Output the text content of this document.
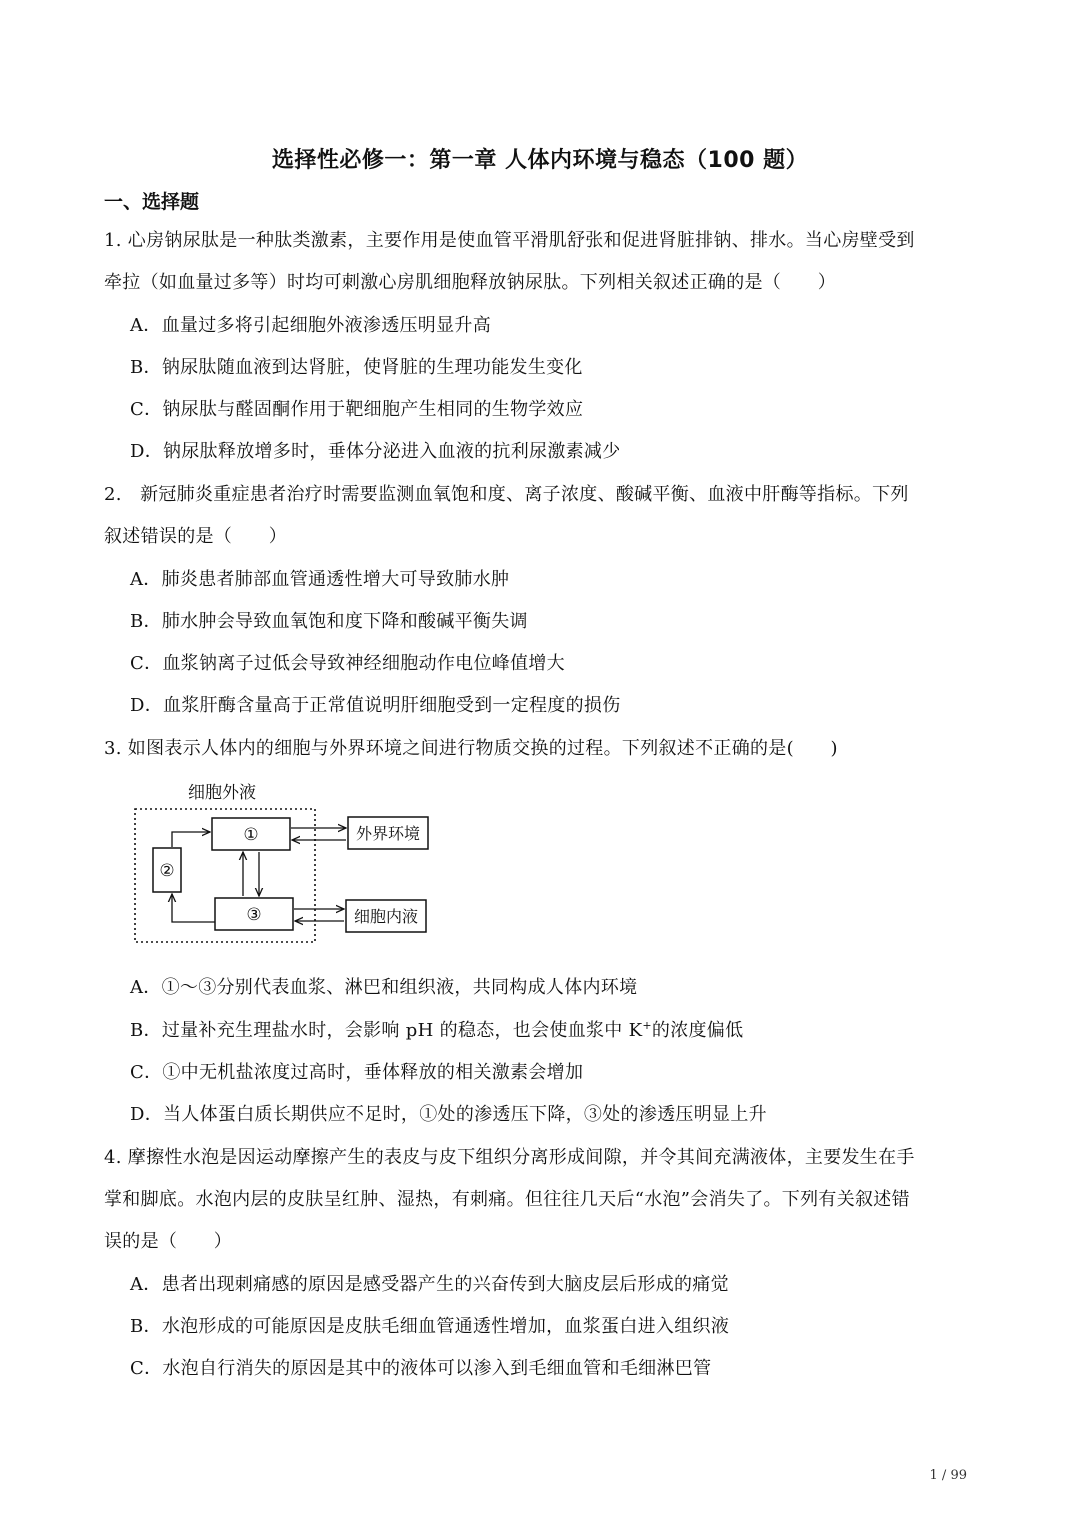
选择性必修一：第一章 人体内环境与稳态（100 题）
一、选择题
1. 心房钠尿肽是一种肽类激素，主要作用是使血管平滑肌舒张和促进肾脏排钠、排水。当心房壁受到
牵拉（如血量过多等）时均可刺激心房肌细胞释放钠尿肽。下列相关叙述正确的是（　　）
A．血量过多将引起细胞外液渗透压明显升高
B．钠尿肽随血液到达肾脏，使肾脏的生理功能发生变化
C．钠尿肽与醛固酮作用于靶细胞产生相同的生物学效应
D．钠尿肽释放增多时，垂体分泌进入血液的抗利尿激素减少
2.　新冠肺炎重症患者治疗时需要监测血氧饱和度、离子浓度、酸碱平衡、血液中肝酶等指标。下列
叙述错误的是（　　）
A．肺炎患者肺部血管通透性增大可导致肺水肿
B．肺水肿会导致血氧饱和度下降和酸碱平衡失调
C．血浆钠离子过低会导致神经细胞动作电位峰值增大
D．血浆肝酶含量高于正常值说明肝细胞受到一定程度的损伤
3. 如图表示人体内的细胞与外界环境之间进行物质交换的过程。下列叙述不正确的是(　　)
细胞外液
①
②
③
外界环境
细胞内液
A．①～③分别代表血浆、淋巴和组织液，共同构成人体内环境
B．过量补充生理盐水时，会影响 pH 的稳态，也会使血浆中 K+的浓度偏低
C．①中无机盐浓度过高时，垂体释放的相关激素会增加
D．当人体蛋白质长期供应不足时，①处的渗透压下降，③处的渗透压明显上升
4. 摩擦性水泡是因运动摩擦产生的表皮与皮下组织分离形成间隙，并令其间充满液体，主要发生在手
掌和脚底。水泡内层的皮肤呈红肿、湿热，有刺痛。但往往几天后“水泡”会消失了。下列有关叙述错
误的是（　　）
A．患者出现刺痛感的原因是感受器产生的兴奋传到大脑皮层后形成的痛觉
B．水泡形成的可能原因是皮肤毛细血管通透性增加，血浆蛋白进入组织液
C．水泡自行消失的原因是其中的液体可以渗入到毛细血管和毛细淋巴管
1 / 99
